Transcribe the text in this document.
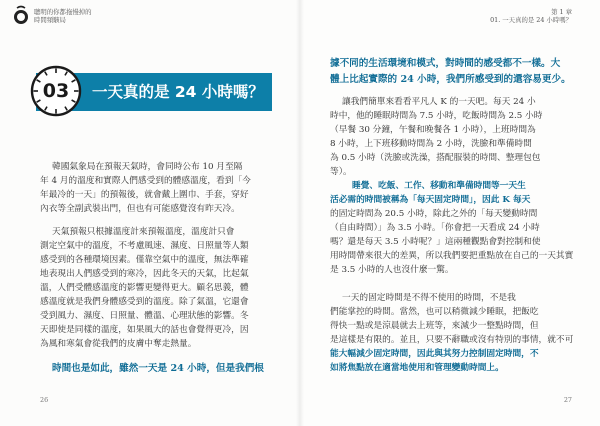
聰明的你都拖慢掉的
時間頻駭局
03	一天真的是 24 小時嗎？
韓國氣象局在預報天氣時，會同時公布 10 月至隔
年 4 月的溫度和實際人們感受到的體感溫度，看到「今
年最冷的一天」的預報後，就會戴上圍巾、手套，穿好
內衣等全副武裝出門，但也有可能感覺沒有昨天冷。
天氣預報只根據溫度計來預報溫度，溫度計只會
測定空氣中的溫度，不考慮風速、濕度、日照量等人類
感受到的各種環境因素。僅靠空氣中的溫度，無法準確
地表現出人們感受到的寒冷，因此冬天的天氣，比起氣
溫，人們受體感溫度的影響更變得更大。顧名思義，體
感溫度就是我們身體感受到的溫度。除了氣溫，它還會
受到風力、濕度、日照量、體溫、心理狀態的影響。冬
天即使是同樣的溫度，如果風大的話也會覺得更冷，因
為風和寒氣會從我們的皮膚中奪走熱量。
時間也是如此，雖然一天是 24 小時，但是我們根
26
第 1 章
01. 一天真的是 24 小時嗎？
據不同的生活環境和模式，對時間的感受都不一樣。大
體上比起實際的 24 小時，我們所感受到的還容易更少。
讓我們簡單來看看平凡人 K 的一天吧。每天 24 小
時中，他的睡眠時間為 7.5 小時，吃飯時間為 2.5 小時
（早餐 30 分鐘，午餐和晚餐各 1 小時），上班時間為
8 小時，上下班移動時間為 2 小時，洗臉和準備時間
為 0.5 小時（洗臉或洗澡，搭配服裝的時間、整理包包
等）。
睡覺、吃飯、工作、移動和準備時間等一天生
活必需的時間被稱為「每天固定時間」，因此 K 每天
的固定時間為 20.5 小時，除此之外的「每天變動時間
（自由時間）」為 3.5 小時。「你會把一天看成 24 小時
嗎？還是每天 3.5 小時呢？」這兩種觀點會對控制和使
用時間帶來很大的差異，所以我們要把重點放在自己的一天其實
是 3.5 小時的人也沒什麼一驚。
一天的固定時間是不得不使用的時間，不是我
們能掌控的時間。當然，也可以稍微減少睡眠，把飯吃
得快一點或是涼晨就去上班等，來減少一整點時間，但
是這樣是有限的。並且，只要不辭職或沒有特別的事情，就不可
能大幅減少固定時間，因此與其努力控制固定時間，不
如將焦點放在適當地使用和管理變動時間上。
27
